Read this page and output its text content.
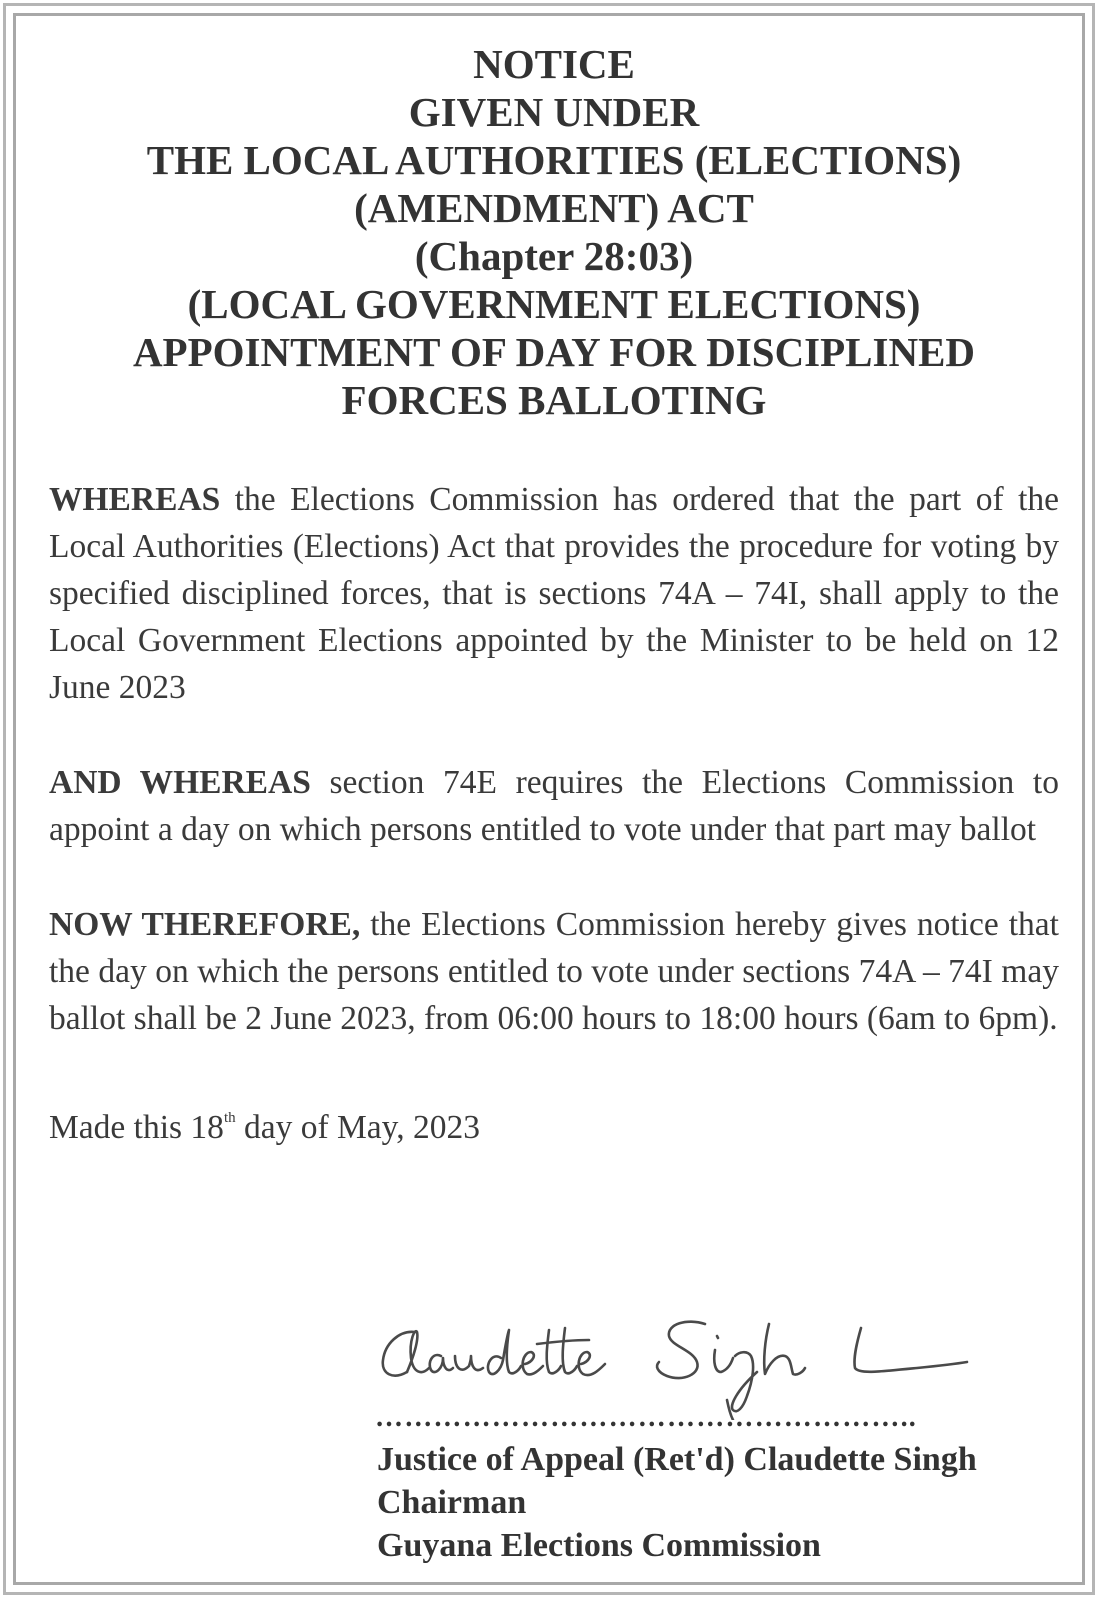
NOTICE
GIVEN UNDER
THE LOCAL AUTHORITIES (ELECTIONS)
(AMENDMENT) ACT
(Chapter 28:03)
(LOCAL GOVERNMENT ELECTIONS)
APPOINTMENT OF DAY FOR DISCIPLINED
FORCES BALLOTING

WHEREAS the Elections Commission has ordered that the part of the Local Authorities (Elections) Act that provides the procedure for voting by specified disciplined forces, that is sections 74A – 74I, shall apply to the Local Government Elections appointed by the Minister to be held on 12 June 2023

AND WHEREAS section 74E requires the Elections Commission to appoint a day on which persons entitled to vote under that part may ballot

NOW THEREFORE, the Elections Commission hereby gives notice that the day on which the persons entitled to vote under sections 74A – 74I may ballot shall be 2 June 2023, from 06:00 hours to 18:00 hours (6am to 6pm).

Made this 18th day of May, 2023

………………………………………………..
Justice of Appeal (Ret'd) Claudette Singh
Chairman
Guyana Elections Commission
